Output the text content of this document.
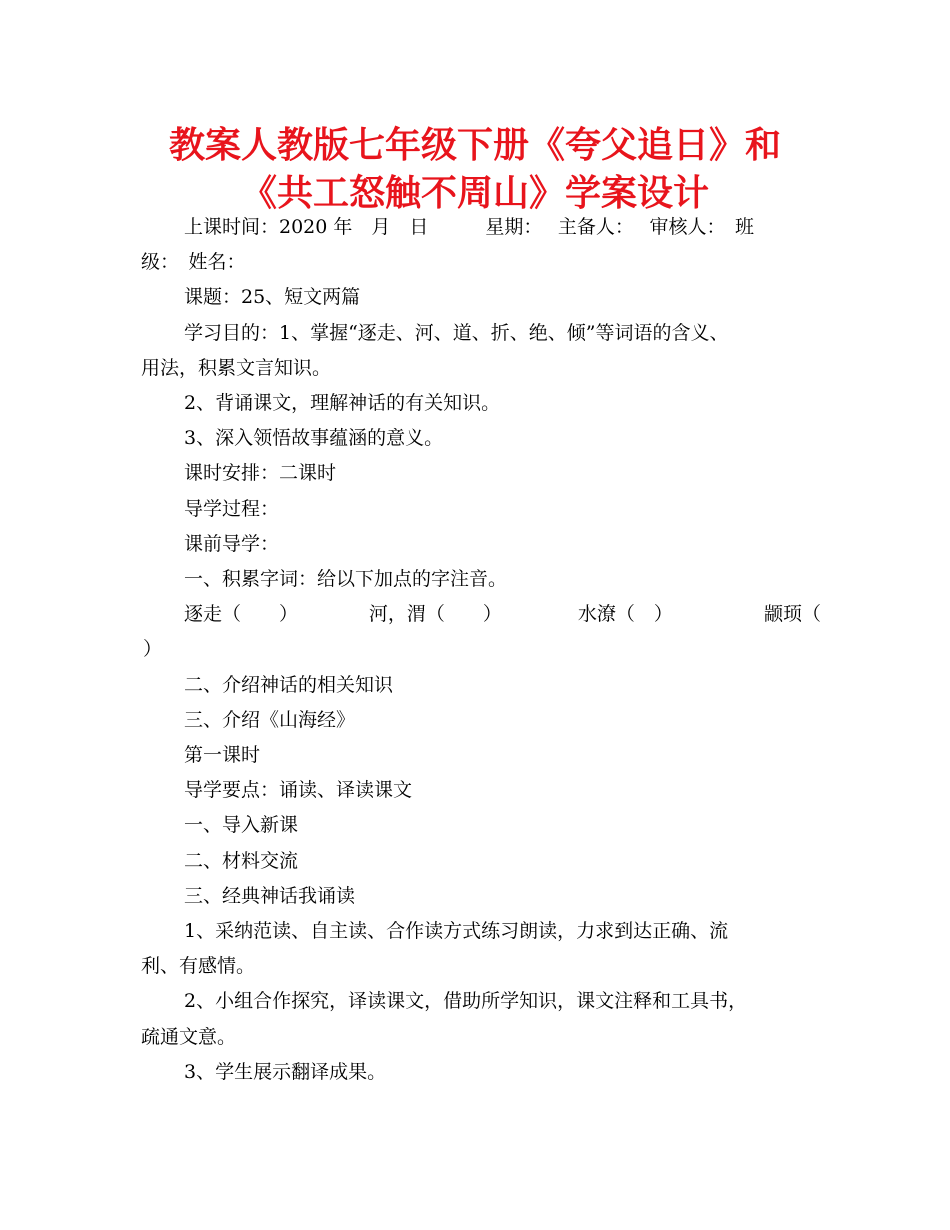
教案人教版七年级下册《夸父追日》和
《共工怒触不周山》学案设计

上课时间：2020 年　月　日　　　星期：　 主备人：　 审核人：　班

级：　姓名：

课题：25、短文两篇

学习目的：1、掌握“逐走、河、道、折、绝、倾”等词语的含义、

用法，积累文言知识。

2、背诵课文，理解神话的有关知识。

3、深入领悟故事蕴涵的意义。

课时安排：二课时

导学过程：

课前导学：

一、积累字词：给以下加点的字注音。

逐走（　　）	河，渭（　　）	水潦（　）	颛顼（

）

二、介绍神话的相关知识

三、介绍《山海经》

第一课时

导学要点：诵读、译读课文

一、导入新课

二、材料交流

三、经典神话我诵读

1、采纳范读、自主读、合作读方式练习朗读，力求到达正确、流

利、有感情。

2、小组合作探究，译读课文，借助所学知识，课文注释和工具书，

疏通文意。

3、学生展示翻译成果。
